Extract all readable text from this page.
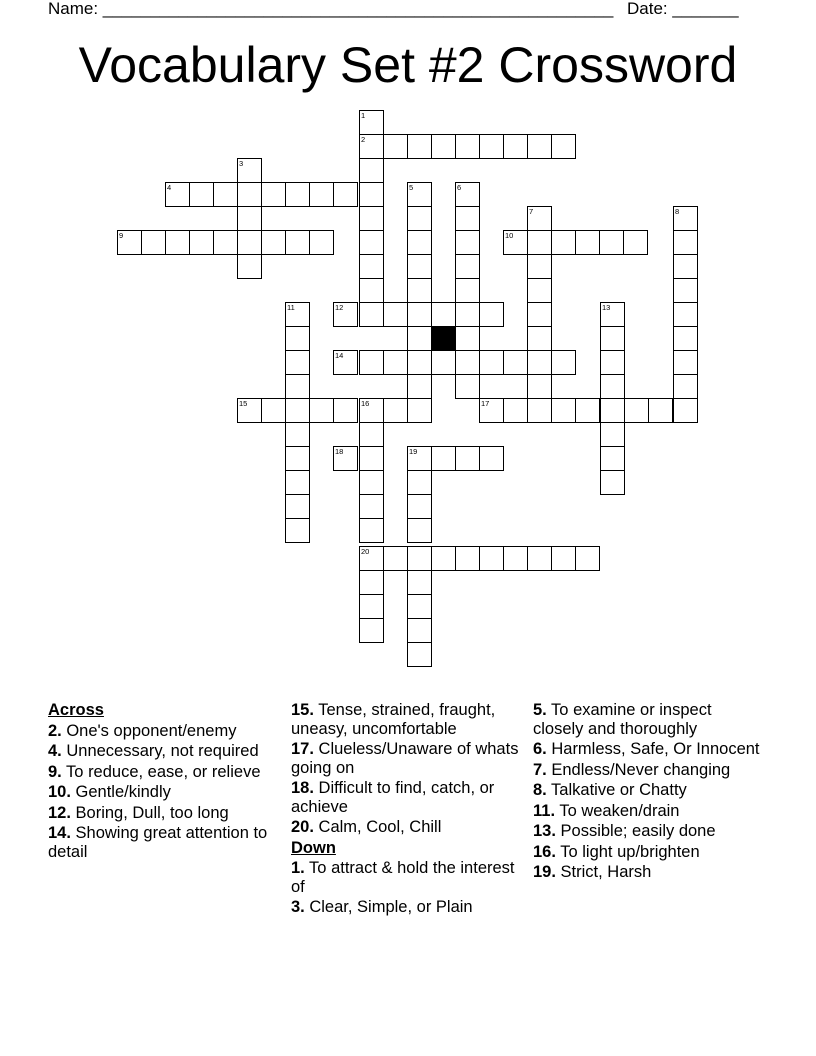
Name: ______________________________________________________ Date: _______
Vocabulary Set #2 Crossword
1
2
3
4	5	6
7	8
9	10
11	12	13
14
15	16	17
18	19
20
Across
2. One's opponent/enemy
4. Unnecessary, not required
9. To reduce, ease, or relieve
10. Gentle/kindly
12. Boring, Dull, too long
14. Showing great attention to detail
15. Tense, strained, fraught, uneasy, uncomfortable
17. Clueless/Unaware of whats going on
18. Difficult to find, catch, or achieve
20. Calm, Cool, Chill
Down
1. To attract & hold the interest of
3. Clear, Simple, or Plain
5. To examine or inspect closely and thoroughly
6. Harmless, Safe, Or Innocent
7. Endless/Never changing
8. Talkative or Chatty
11. To weaken/drain
13. Possible; easily done
16. To light up/brighten
19. Strict, Harsh
